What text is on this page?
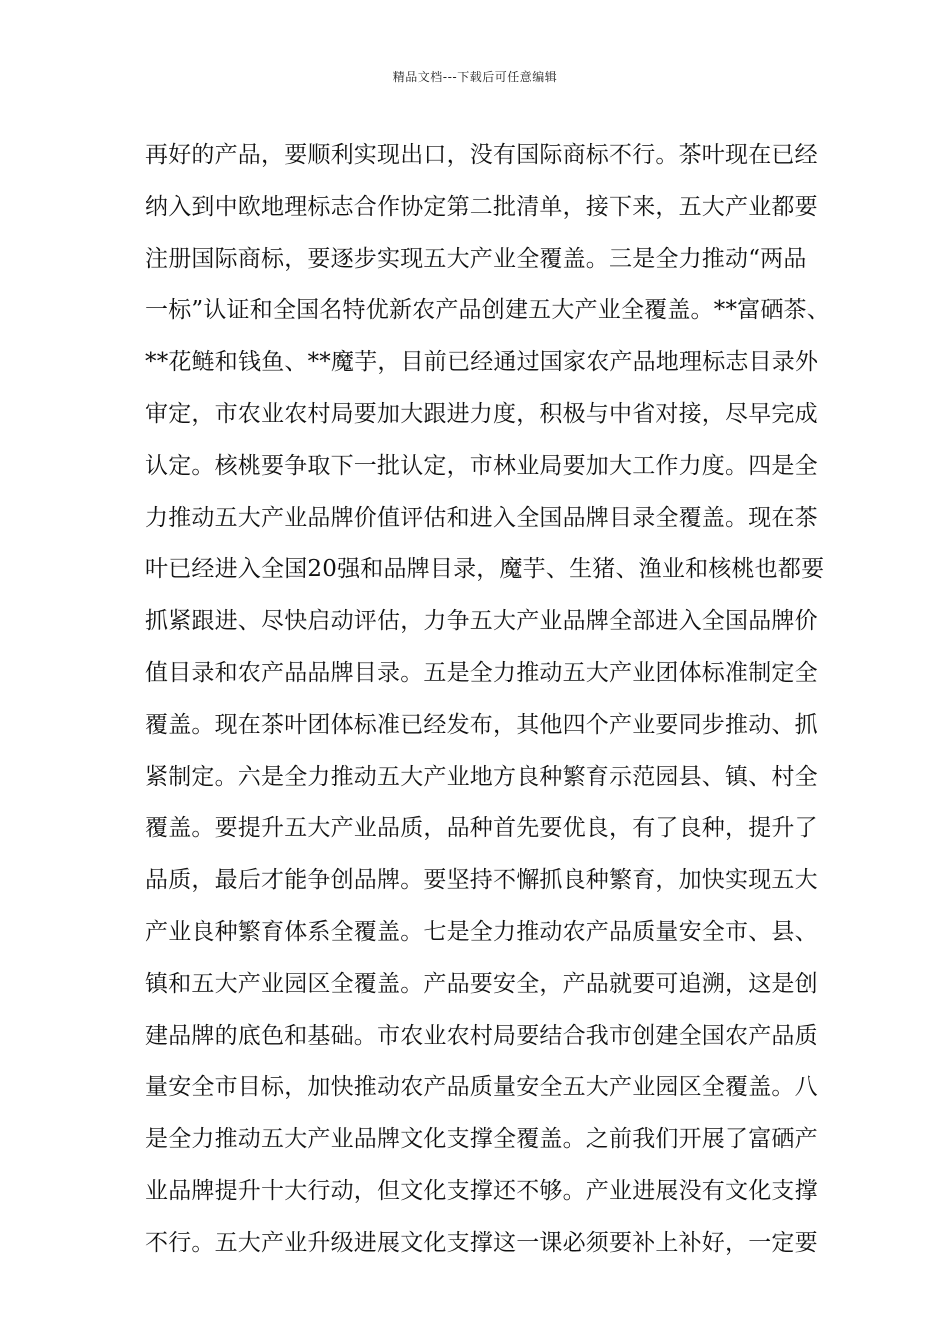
精品文档---下载后可任意编辑
再好的产品，要顺利实现出口，没有国际商标不行。茶叶现在已经
纳入到中欧地理标志合作协定第二批清单，接下来，五大产业都要
注册国际商标，要逐步实现五大产业全覆盖。三是全力推动“两品
一标”认证和全国名特优新农产品创建五大产业全覆盖。**富硒茶、
**花鲢和钱鱼、**魔芋，目前已经通过国家农产品地理标志目录外
审定，市农业农村局要加大跟进力度，积极与中省对接，尽早完成
认定。核桃要争取下一批认定，市林业局要加大工作力度。四是全
力推动五大产业品牌价值评估和进入全国品牌目录全覆盖。现在茶
叶已经进入全国20强和品牌目录，魔芋、生猪、渔业和核桃也都要
抓紧跟进、尽快启动评估，力争五大产业品牌全部进入全国品牌价
值目录和农产品品牌目录。五是全力推动五大产业团体标准制定全
覆盖。现在茶叶团体标准已经发布，其他四个产业要同步推动、抓
紧制定。六是全力推动五大产业地方良种繁育示范园县、镇、村全
覆盖。要提升五大产业品质，品种首先要优良，有了良种，提升了
品质，最后才能争创品牌。要坚持不懈抓良种繁育，加快实现五大
产业良种繁育体系全覆盖。七是全力推动农产品质量安全市、县、
镇和五大产业园区全覆盖。产品要安全，产品就要可追溯，这是创
建品牌的底色和基础。市农业农村局要结合我市创建全国农产品质
量安全市目标，加快推动农产品质量安全五大产业园区全覆盖。八
是全力推动五大产业品牌文化支撑全覆盖。之前我们开展了富硒产
业品牌提升十大行动，但文化支撑还不够。产业进展没有文化支撑
不行。五大产业升级进展文化支撑这一课必须要补上补好，一定要
